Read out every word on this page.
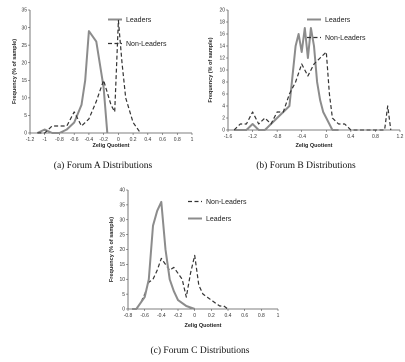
0
5
10
15
20
25
30
35
-1.2 -1 -0.8 -0.6 -0.4 -0.2 0 0.2 0.4 0.6 0.8 1
Zelig Quotient
Frequency (% of sample)
Leaders
Non-Leaders
(a) Forum A Distributions
0
2
4
6
8
10
12
14
16
18
20
-1.6	-1.2	-0.8	-0.4	0	0.4	0.8	1.2
Zelig Quotient
Frequency (% of sample)
Leaders
Non-Leaders
(b) Forum B Distributions
0
5
10
15
20
25
30
35
40
-0.8 -0.6 -0.4 -0.2 0 0.2 0.4 0.6 0.8 1
Zelig Quotient
Frequency (% of sample)
Non-Leaders
Leaders
(c) Forum C Distributions
